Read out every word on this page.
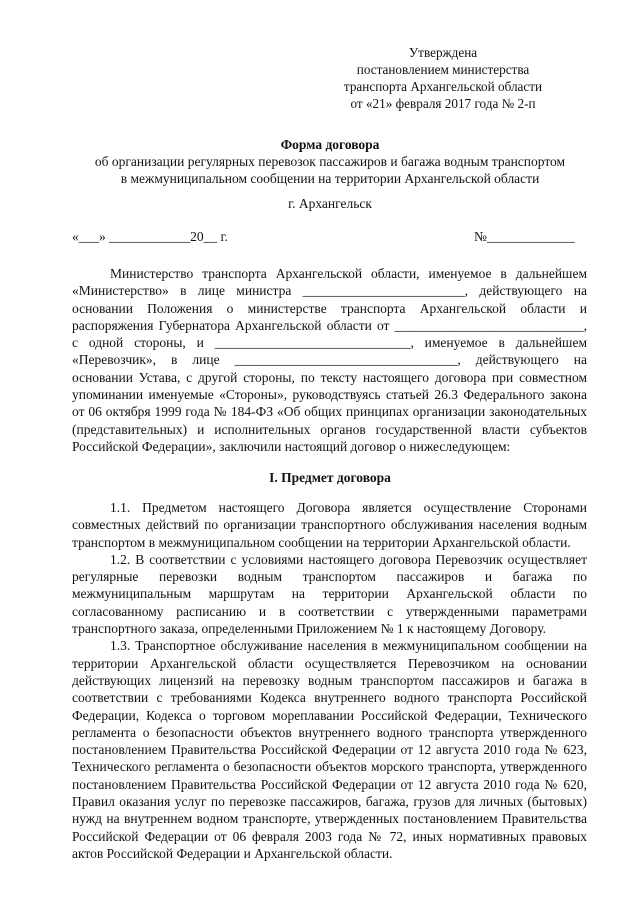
Утверждена
постановлением министерства
транспорта Архангельской области
от «21» февраля 2017 года № 2-п
Форма договора
об организации регулярных перевозок пассажиров и багажа водным транспортом
в межмуниципальном сообщении на территории Архангельской области
г. Архангельск
«___» ____________20__ г.	№_____________

Министерство транспорта Архангельской области, именуемое в дальнейшем «Министерство» в лице министра ________________________, действующего на основании Положения о министерстве транспорта Архангельской области и распоряжения Губернатора Архангельской области от ____________________________, с одной стороны, и _____________________________, именуемое в дальнейшем «Перевозчик», в лице _________________________________, действующего на основании Устава, с другой стороны, по тексту настоящего договора при совместном упоминании именуемые «Стороны», руководствуясь статьей 26.3 Федерального закона от 06 октября 1999 года № 184-ФЗ «Об общих принципах организации законодательных (представительных) и исполнительных органов государственной власти субъектов Российской Федерации», заключили настоящий договор о нижеследующем:

I. Предмет договора

1.1. Предметом настоящего Договора является осуществление Сторонами совместных действий по организации транспортного обслуживания населения водным транспортом в межмуниципальном сообщении на территории Архангельской области.

1.2. В соответствии с условиями настоящего договора Перевозчик осуществляет регулярные перевозки водным транспортом пассажиров и багажа по межмуниципальным маршрутам на территории Архангельской области по согласованному расписанию и в соответствии с утвержденными параметрами транспортного заказа, определенными Приложением № 1 к настоящему Договору.

1.3. Транспортное обслуживание населения в межмуниципальном сообщении на территории Архангельской области осуществляется Перевозчиком на основании действующих лицензий на перевозку водным транспортом пассажиров и багажа в соответствии с требованиями Кодекса внутреннего водного транспорта Российской Федерации, Кодекса о торговом мореплавании Российской Федерации, Технического регламента о безопасности объектов внутреннего водного транспорта утвержденного постановлением Правительства Российской Федерации от 12 августа 2010 года № 623, Технического регламента о безопасности объектов морского транспорта, утвержденного постановлением Правительства Российской Федерации от 12 августа 2010 года № 620, Правил оказания услуг по перевозке пассажиров, багажа, грузов для личных (бытовых) нужд на внутреннем водном транспорте, утвержденных постановлением Правительства Российской Федерации от 06 февраля 2003 года № 72, иных нормативных правовых актов Российской Федерации и Архангельской области.
